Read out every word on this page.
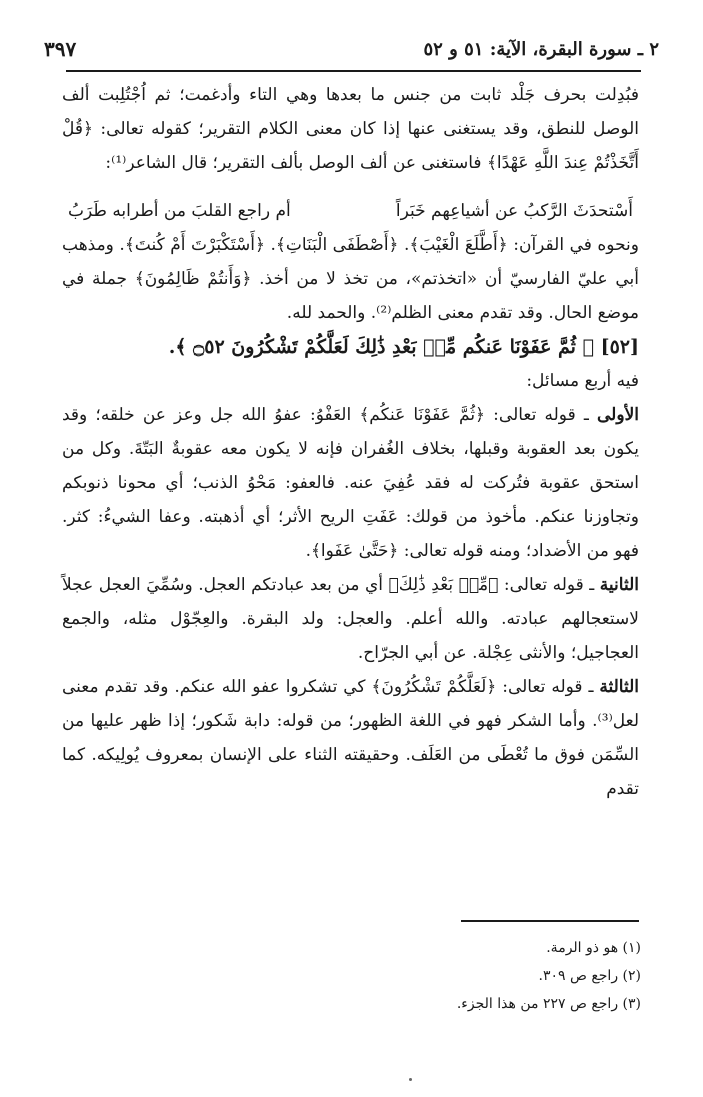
٣٩٧	٢ ـ سورة البقرة، الآية: ٥١ و ٥٢

فبُدِلت بحرف جَلْد ثابت من جنس ما بعدها وهي التاء وأدغمت؛ ثم اُجْتُلِبت ألف الوصل للنطق، وقد يستغنى عنها إذا كان معنى الكلام التقرير؛ كقوله تعالى: ﴿قُلْ أَتَّخَذْتُمْ عِندَ اللَّهِ عَهْدًا﴾ فاستغنى عن ألف الوصل بألف التقرير؛ قال الشاعر⁽¹⁾:

أَسْتحدَثَ الرَّكبُ عن أشياعِهم خَبَراً
أم راجع القلبَ من أطرابه طَرَبُ

ونحوه في القرآن: ﴿أَطَّلَعَ الْغَيْبَ﴾. ﴿أَصْطَفَى الْبَنَاتِ﴾. ﴿أَسْتَكْبَرْتَ أَمْ كُنتَ﴾. ومذهب أبي عليّ الفارسيّ أن «اتخذتم»، من تخذ لا من أخذ. ﴿وَأَنتُمْ ظَالِمُونَ﴾ جملة في موضع الحال. وقد تقدم معنى الظلم⁽²⁾. والحمد لله.

[٥٢] ﴿ ثُمَّ عَفَوْنَا عَنكُم مِّنۢ بَعْدِ ذَٰلِكَ لَعَلَّكُمْ تَشْكُرُونَ ۝٥٢ ﴾.

فيه أربع مسائل:

الأولى ـ قوله تعالى: ﴿ثُمَّ عَفَوْنَا عَنكُم﴾ العَفْوُ: عفوُ الله جل وعز عن خلقه؛ وقد يكون بعد العقوبة وقبلها، بخلاف الغُفران فإنه لا يكون معه عقوبةٌ البَتّةَ. وكل من استحق عقوبة فتُركت له فقد عُفِيَ عنه. فالعفو: مَحْوُ الذنب؛ أي محونا ذنوبكم وتجاوزنا عنكم. مأخوذ من قولك: عَفَتِ الريح الأثر؛ أي أذهبته. وعفا الشيءُ: كثر. فهو من الأضداد؛ ومنه قوله تعالى: ﴿حَتَّىٰ عَفَوا﴾.

الثانية ـ قوله تعالى: ﴿مِّنۢ بَعْدِ ذَٰلِكَ﴾ أي من بعد عبادتكم العجل. وسُمِّيَ العجل عجلاً لاستعجالهم عبادته. والله أعلم. والعجل: ولد البقرة. والعِجّوْل مثله، والجمع العجاجيل؛ والأنثى عِجْلة. عن أبي الجرّاح.

الثالثة ـ قوله تعالى: ﴿لَعَلَّكُمْ تَشْكُرُونَ﴾ كي تشكروا عفو الله عنكم. وقد تقدم معنى لعل⁽³⁾. وأما الشكر فهو في اللغة الظهور؛ من قوله: دابة شَكور؛ إذا ظهر عليها من السِّمَن فوق ما تُعْطَى من العَلَف. وحقيقته الثناء على الإنسان بمعروف يُولِيكه. كما تقدم

(١) هو ذو الرمة.
(٢) راجع ص ٣٠٩.
(٣) راجع ص ٢٢٧ من هذا الجزء.
